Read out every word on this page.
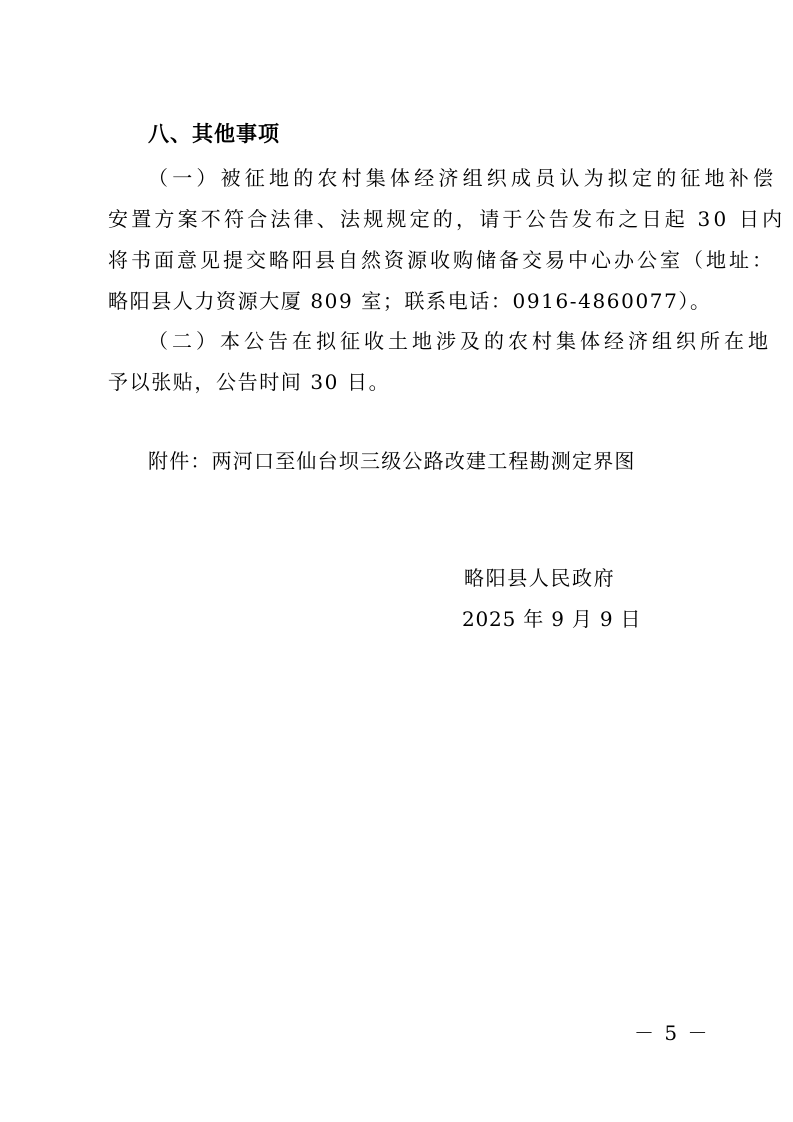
八、其他事项
（一）被征地的农村集体经济组织成员认为拟定的征地补偿
安置方案不符合法律、法规规定的，请于公告发布之日起 30 日内
将书面意见提交略阳县自然资源收购储备交易中心办公室（地址：
略阳县人力资源大厦 809 室；联系电话：0916-4860077）。
（二）本公告在拟征收土地涉及的农村集体经济组织所在地
予以张贴，公告时间 30 日。
附件：两河口至仙台坝三级公路改建工程勘测定界图
略阳县人民政府
2025 年 9 月 9 日
－ 5 －
